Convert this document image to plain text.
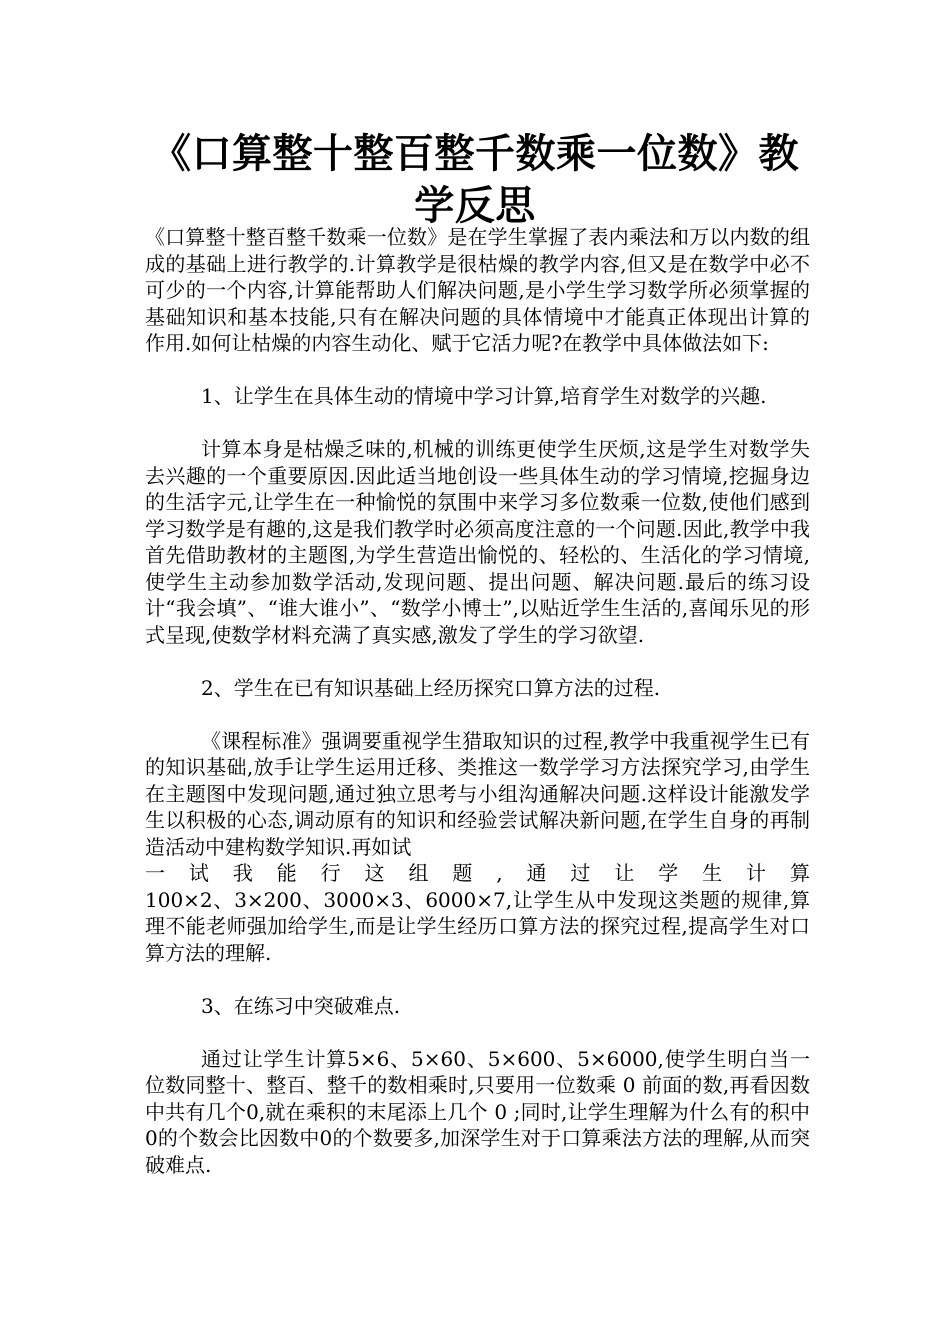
《口算整十整百整千数乘一位数》教学反思

《口算整十整百整千数乘一位数》是在学生掌握了表内乘法和万以内数的组成的基础上进行教学的.计算教学是很枯燥的教学内容,但又是在数学中必不可少的一个内容,计算能帮助人们解决问题,是小学生学习数学所必须掌握的基础知识和基本技能,只有在解决问题的具体情境中才能真正体现出计算的作用.如何让枯燥的内容生动化、赋于它活力呢?在教学中具体做法如下:

1、让学生在具体生动的情境中学习计算,培育学生对数学的兴趣.

计算本身是枯燥乏味的,机械的训练更使学生厌烦,这是学生对数学失去兴趣的一个重要原因.因此适当地创设一些具体生动的学习情境,挖掘身边的生活字元,让学生在一种愉悦的氛围中来学习多位数乘一位数,使他们感到学习数学是有趣的,这是我们教学时必须高度注意的一个问题.因此,教学中我首先借助教材的主题图,为学生营造出愉悦的、轻松的、生活化的学习情境,使学生主动参加数学活动,发现问题、提出问题、解决问题.最后的练习设计“我会填”、“谁大谁小”、“数学小博士”,以贴近学生生活的,喜闻乐见的形式呈现,使数学材料充满了真实感,激发了学生的学习欲望.

2、学生在已有知识基础上经历探究口算方法的过程.

《课程标准》强调要重视学生猎取知识的过程,教学中我重视学生已有的知识基础,放手让学生运用迁移、类推这一数学学习方法探究学习,由学生在主题图中发现问题,通过独立思考与小组沟通解决问题.这样设计能激发学生以积极的心态,调动原有的知识和经验尝试解决新问题,在学生自身的再制造活动中建构数学知识.再如试

一 试 我 能 行 这 组 题 , 通 过 让 学 生 计 算

100×2、3×200、3000×3、6000×7,让学生从中发现这类题的规律,算理不能老师强加给学生,而是让学生经历口算方法的探究过程,提高学生对口算方法的理解.

3、在练习中突破难点.

通过让学生计算5×6、5×60、5×600、5×6000,使学生明白当一位数同整十、整百、整千的数相乘时,只要用一位数乘 0 前面的数,再看因数中共有几个0,就在乘积的末尾添上几个 0 ;同时,让学生理解为什么有的积中0的个数会比因数中0的个数要多,加深学生对于口算乘法方法的理解,从而突破难点.
